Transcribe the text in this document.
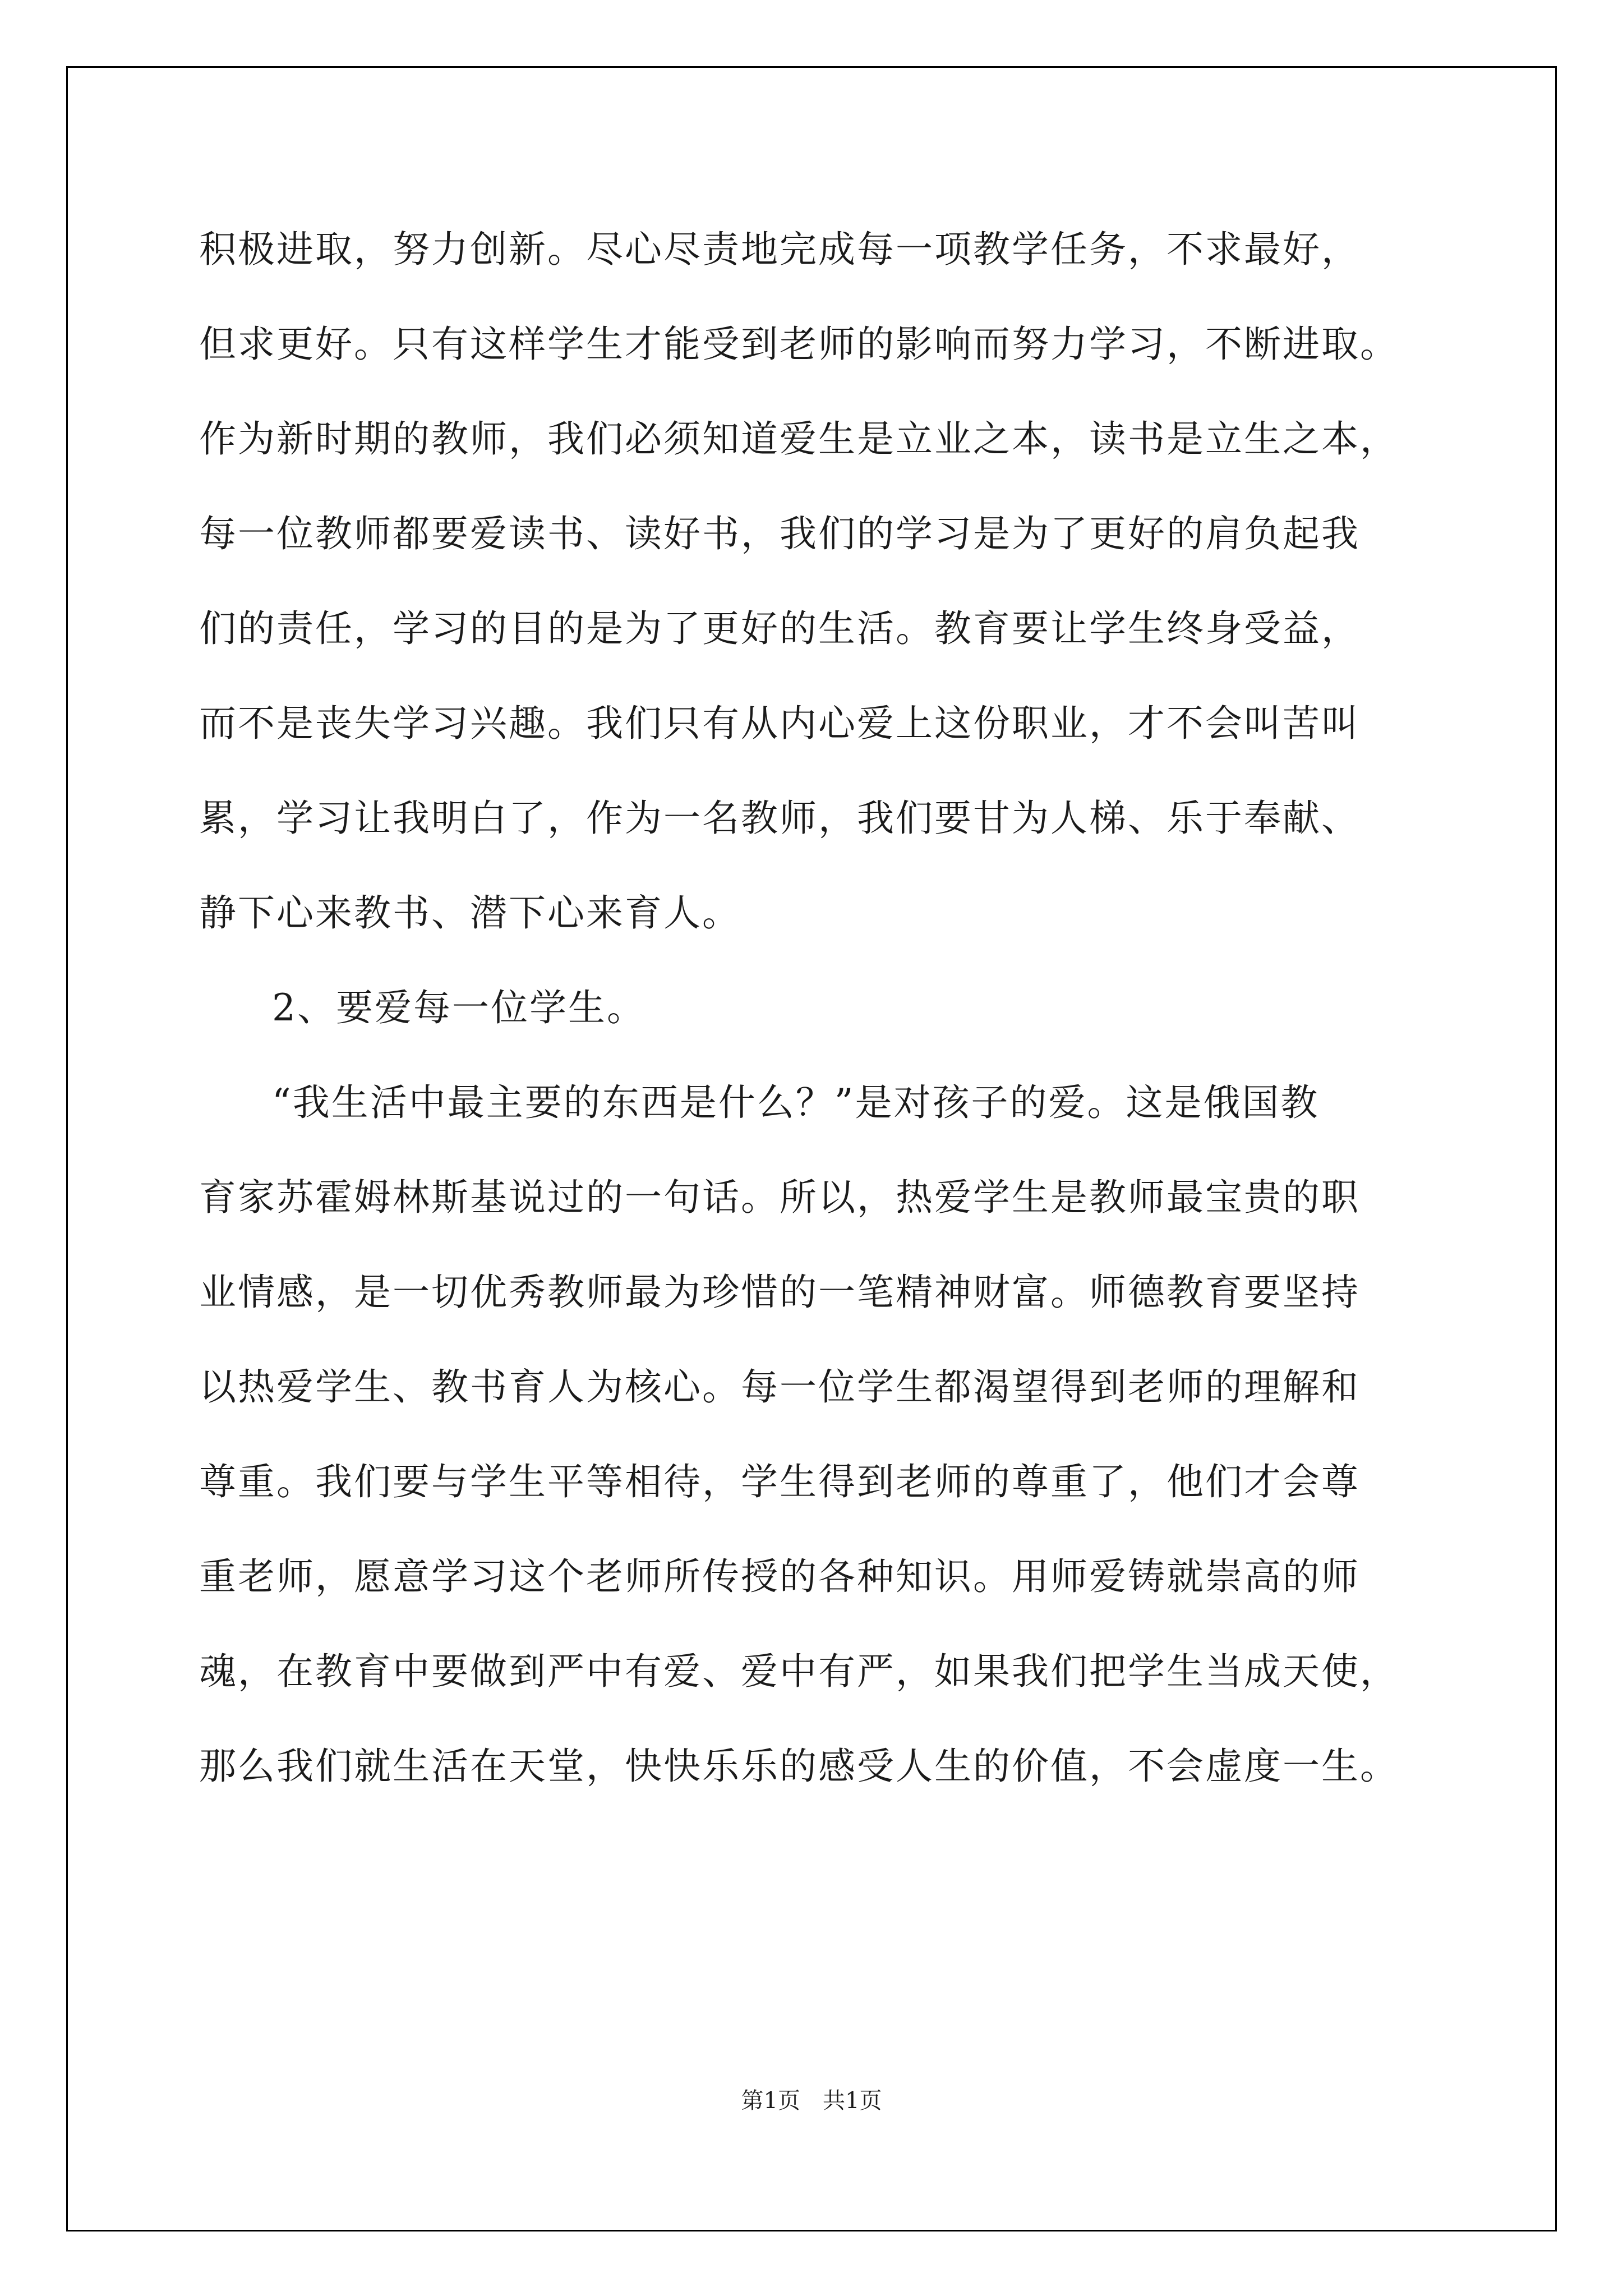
积极进取，努力创新。尽心尽责地完成每一项教学任务，不求最好，
但求更好。只有这样学生才能受到老师的影响而努力学习，不断进取。
作为新时期的教师，我们必须知道爱生是立业之本，读书是立生之本，
每一位教师都要爱读书、读好书，我们的学习是为了更好的肩负起我
们的责任，学习的目的是为了更好的生活。教育要让学生终身受益，
而不是丧失学习兴趣。我们只有从内心爱上这份职业，才不会叫苦叫
累，学习让我明白了，作为一名教师，我们要甘为人梯、乐于奉献、
静下心来教书、潜下心来育人。
2、要爱每一位学生。
“我生活中最主要的东西是什么？”是对孩子的爱。这是俄国教
育家苏霍姆林斯基说过的一句话。所以，热爱学生是教师最宝贵的职
业情感，是一切优秀教师最为珍惜的一笔精神财富。师德教育要坚持
以热爱学生、教书育人为核心。每一位学生都渴望得到老师的理解和
尊重。我们要与学生平等相待，学生得到老师的尊重了，他们才会尊
重老师，愿意学习这个老师所传授的各种知识。用师爱铸就崇高的师
魂，在教育中要做到严中有爱、爱中有严，如果我们把学生当成天使，
那么我们就生活在天堂，快快乐乐的感受人生的价值，不会虚度一生。
第1页 共1页
